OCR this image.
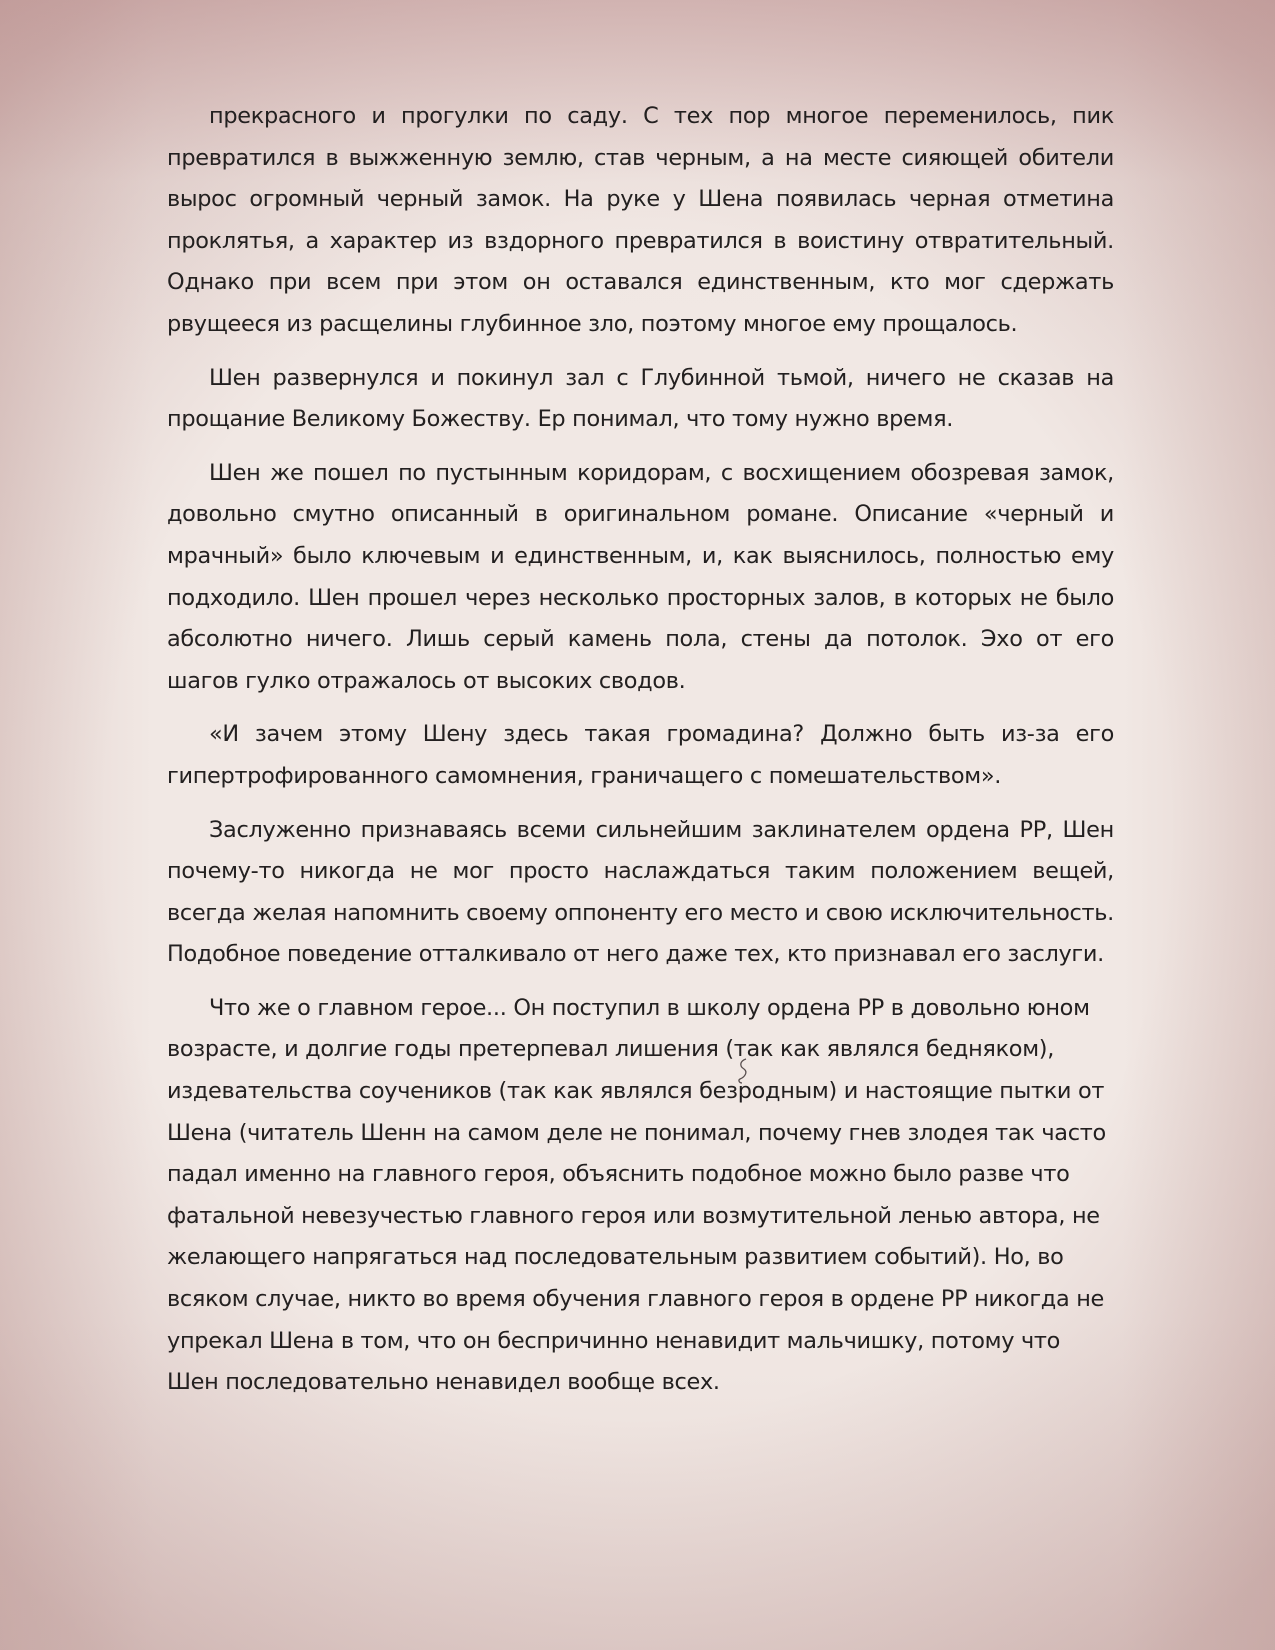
прекрасного и прогулки по саду. С тех пор многое переменилось, пик превратился в выжженную землю, став черным, а на месте сияющей обители вырос огромный черный замок. На руке у Шена появилась черная отметина проклятья, а характер из вздорного превратился в воистину отвратительный. Однако при всем при этом он оставался единственным, кто мог сдержать рвущееся из расщелины глубинное зло, поэтому многое ему прощалось.

Шен развернулся и покинул зал с Глубинной тьмой, ничего не сказав на прощание Великому Божеству. Ер понимал, что тому нужно время.

Шен же пошел по пустынным коридорам, с восхищением обозревая замок, довольно смутно описанный в оригинальном романе. Описание «черный и мрачный» было ключевым и единственным, и, как выяснилось, полностью ему подходило. Шен прошел через несколько просторных залов, в которых не было абсолютно ничего. Лишь серый камень пола, стены да потолок. Эхо от его шагов гулко отражалось от высоких сводов.

«И зачем этому Шену здесь такая громадина? Должно быть из-за его гипертрофированного самомнения, граничащего с помешательством».

Заслуженно признаваясь всеми сильнейшим заклинателем ордена РР, Шен почему-то никогда не мог просто наслаждаться таким положением вещей, всегда желая напомнить своему оппоненту его место и свою исключительность. Подобное поведение отталкивало от него даже тех, кто признавал его заслуги.

Что же о главном герое... Он поступил в школу ордена РР в довольно юном возрасте, и долгие годы претерпевал лишения (так как являлся бедняком), издевательства соучеников (так как являлся безродным) и настоящие пытки от Шена (читатель Шенн на самом деле не понимал, почему гнев злодея так часто падал именно на главного героя, объяснить подобное можно было разве что фатальной невезучестью главного героя или возмутительной ленью автора, не желающего напрягаться над последовательным развитием событий). Но, во всяком случае, никто во время обучения главного героя в ордене РР никогда не упрекал Шена в том, что он беспричинно ненавидит мальчишку, потому что Шен последовательно ненавидел вообще всех.
